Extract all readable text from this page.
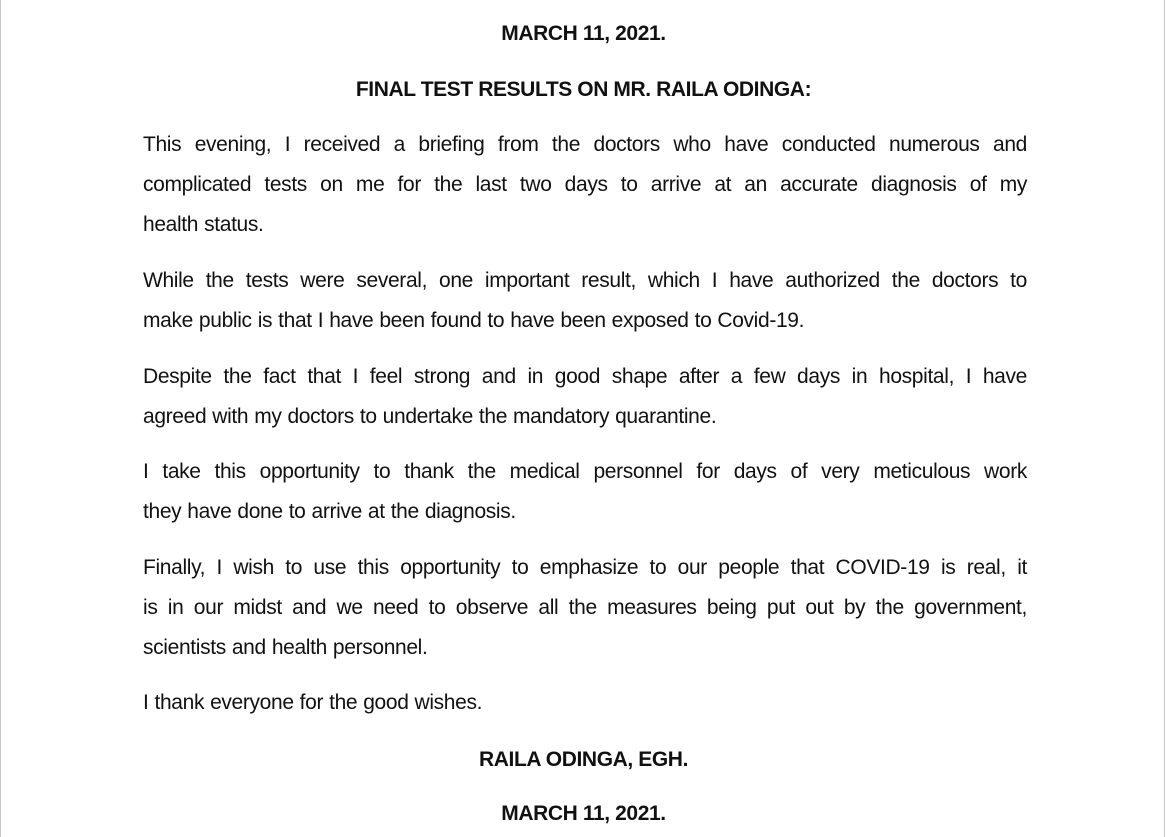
MARCH 11, 2021.
FINAL TEST RESULTS ON MR. RAILA ODINGA:
This evening, I received a briefing from the doctors who have conducted numerous and
complicated tests on me for the last two days to arrive at an accurate diagnosis of my
health status.
While the tests were several, one important result, which I have authorized the doctors to
make public is that I have been found to have been exposed to Covid-19.
Despite the fact that I feel strong and in good shape after a few days in hospital, I have
agreed with my doctors to undertake the mandatory quarantine.
I take this opportunity to thank the medical personnel for days of very meticulous work
they have done to arrive at the diagnosis.
Finally, I wish to use this opportunity to emphasize to our people that COVID-19 is real, it
is in our midst and we need to observe all the measures being put out by the government,
scientists and health personnel.
I thank everyone for the good wishes.
RAILA ODINGA, EGH.
MARCH 11, 2021.
